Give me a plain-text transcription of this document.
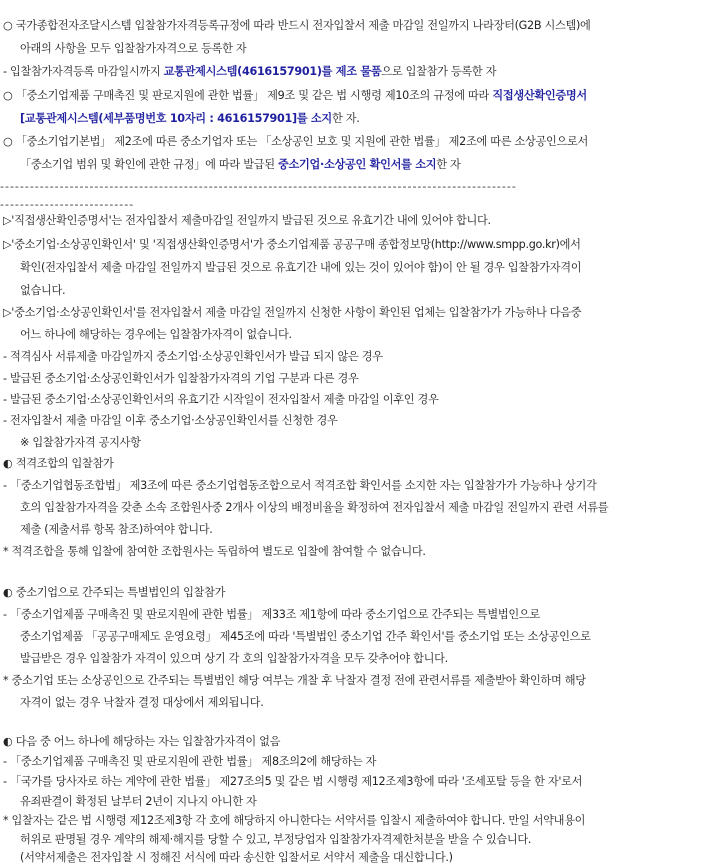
○ 국가종합전자조달시스템 입찰참가자격등록규정에 따라 반드시 전자입찰서 제출 마감일 전일까지 나라장터(G2B 시스템)에
아래의 사항을 모두 입찰참가자격으로 등록한 자
- 입찰참가자격등록 마감일시까지 교통관제시스템(4616157901)를 제조 물품으로 입찰참가 등록한 자
○ 「중소기업제품 구매촉진 및 판로지원에 관한 법률」 제9조 및 같은 법 시행령 제10조의 규정에 따라 직접생산확인증명서
[교통관제시스템(세부품명번호 10자리 : 4616157901]를 소지한 자.
○ 「중소기업기본법」 제2조에 따른 중소기업자 또는 「소상공인 보호 및 지원에 관한 법률」 제2조에 따른 소상공인으로서
「중소기업 범위 및 확인에 관한 규정」에 따라 발급된 중소기업·소상공인 확인서를 소지한 자
--------------------------------------------------------------------------------------------------------
---------------------------
▷'직접생산확인증명서'는 전자입찰서 제출마감일 전일까지 발급된 것으로 유효기간 내에 있어야 합니다.
▷'중소기업·소상공인확인서' 및 '직접생산확인증명서'가 중소기업제품 공공구매 종합정보망(http://www.smpp.go.kr)에서
확인(전자입찰서 제출 마감일 전일까지 발급된 것으로 유효기간 내에 있는 것이 있어야 함)이 안 될 경우 입찰참가자격이
없습니다.
▷'중소기업·소상공인확인서'를 전자입찰서 제출 마감일 전일까지 신청한 사항이 확인된 업체는 입찰참가가 가능하나 다음중
어느 하나에 해당하는 경우에는 입찰참가자격이 없습니다.
- 적격심사 서류제출 마감일까지 중소기업·소상공인확인서가 발급 되지 않은 경우
- 발급된 중소기업·소상공인확인서가 입찰참가자격의 기업 구분과 다른 경우
- 발급된 중소기업·소상공인확인서의 유효기간 시작일이 전자입찰서 제출 마감일 이후인 경우
- 전자입찰서 제출 마감일 이후 중소기업·소상공인확인서를 신청한 경우
※ 입찰참가자격 공지사항
◐ 적격조합의 입찰참가
- 「중소기업협동조합법」 제3조에 따른 중소기업협동조합으로서 적격조합 확인서를 소지한 자는 입찰참가가 가능하나 상기각
호의 입찰참가자격을 갖춘 소속 조합원사중 2개사 이상의 배정비율을 확정하여 전자입찰서 제출 마감일 전일까지 관련 서류를
제출 (제출서류 항목 참조)하여야 합니다.
* 적격조합을 통해 입찰에 참여한 조합원사는 독립하여 별도로 입찰에 참여할 수 없습니다.
◐ 중소기업으로 간주되는 특별법인의 입찰참가
- 「중소기업제품 구매촉진 및 판로지원에 관한 법률」 제33조 제1항에 따라 중소기업으로 간주되는 특별법인으로
중소기업제품 「공공구매제도 운영요령」 제45조에 따라 '특별법인 중소기업 간주 확인서'를 중소기업 또는 소상공인으로
발급받은 경우 입찰참가 자격이 있으며 상기 각 호의 입찰참가자격을 모두 갖추어야 합니다.
* 중소기업 또는 소상공인으로 간주되는 특별법인 해당 여부는 개찰 후 낙찰자 결정 전에 관련서류를 제출받아 확인하며 해당
자격이 없는 경우 낙찰자 결정 대상에서 제외됩니다.
◐ 다음 중 어느 하나에 해당하는 자는 입찰참가자격이 없음
- 「중소기업제품 구매촉진 및 판로지원에 관한 법률」 제8조의2에 해당하는 자
- 「국가를 당사자로 하는 계약에 관한 법률」 제27조의5 및 같은 법 시행령 제12조제3항에 따라 '조세포탈 등을 한 자'로서
유죄판결이 확정된 날부터 2년이 지나지 아니한 자
* 입찰자는 같은 법 시행령 제12조제3항 각 호에 해당하지 아니한다는 서약서를 입찰시 제출하여야 합니다. 만일 서약내용이
허위로 판명될 경우 계약의 해제·해지를 당할 수 있고, 부정당업자 입찰참가자격제한처분을 받을 수 있습니다.
(서약서제출은 전자입찰 시 정해진 서식에 따라 송신한 입찰서로 서약서 제출을 대신합니다.)
